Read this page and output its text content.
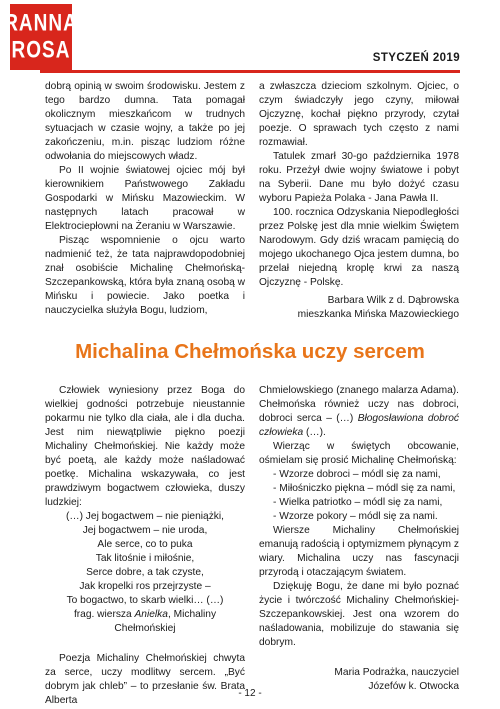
RANNA
ROSA	STYCZEŃ 2019

dobrą opinią w swoim środowisku. Jestem z tego bardzo dumna. Tata pomagał okolicznym mieszkańcom w trudnych sytuacjach w czasie wojny, a także po jej zakończeniu, m.in. pisząc ludziom różne odwołania do miejscowych władz.

Po II wojnie światowej ojciec mój był kierownikiem Państwowego Zakładu Gospodarki w Mińsku Mazowieckim. W następnych latach pracował w Elektrociepłowni na Żeraniu w Warszawie.

Pisząc wspomnienie o ojcu warto nadmienić też, że tata najprawdopodobniej znał osobiście Michalinę Chełmońską-Szczepankowską, która była znaną osobą w Mińsku i powiecie. Jako poetka i nauczycielka służyła Bogu, ludziom,

a zwłaszcza dzieciom szkolnym. Ojciec, o czym świadczyły jego czyny, miłował Ojczyznę, kochał piękno przyrody, czytał poezje. O sprawach tych często z nami rozmawiał.

Tatulek zmarł 30-go października 1978 roku. Przeżył dwie wojny światowe i pobyt na Syberii. Dane mu było dożyć czasu wyboru Papieża Polaka - Jana Pawła II.

100. rocznica Odzyskania Niepodległości przez Polskę jest dla mnie wielkim Świętem Narodowym. Gdy dziś wracam pamięcią do mojego ukochanego Ojca jestem dumna, bo przelał niejedną kroplę krwi za naszą Ojczyznę - Polskę.

Barbara Wilk z d. Dąbrowska

mieszkanka Mińska Mazowieckiego

Michalina Chełmońska uczy sercem

Człowiek wyniesiony przez Boga do wielkiej godności potrzebuje nieustannie pokarmu nie tylko dla ciała, ale i dla ducha. Jest nim niewątpliwie piękno poezji Michaliny Chełmońskiej. Nie każdy może być poetą, ale każdy może naśladować poetkę. Michalina wskazywała, co jest prawdziwym bogactwem człowieka, duszy ludzkiej:

(…) Jej bogactwem – nie pieniążki,

Jej bogactwem – nie uroda,

Ale serce, co to puka

Tak litośnie i miłośnie,

Serce dobre, a tak czyste,

Jak kropelki ros przejrzyste –

To bogactwo, to skarb wielki… (…)

frag. wiersza Anielka, Michaliny Chełmońskiej

Poezja Michaliny Chełmońskiej chwyta za serce, uczy modlitwy sercem. „Być dobrym jak chleb” – to przesłanie św. Brata Alberta

Chmielowskiego (znanego malarza Adama). Chełmońska również uczy nas dobroci, dobroci serca – (…) Błogosławiona dobroć człowieka (…).

Wierząc w świętych obcowanie, ośmielam się prosić Michalinę Chełmońską:

- Wzorze dobroci – módl się za nami,

- Miłośniczko piękna – módl się za nami,

- Wielka patriotko – módl się za nami,

- Wzorze pokory – módl się za nami.

Wiersze Michaliny Chełmońskiej emanują radością i optymizmem płynącym z wiary. Michalina uczy nas fascynacji przyrodą i otaczającym światem.

Dziękuję Bogu, że dane mi było poznać życie i twórczość Michaliny Chełmońskiej-Szczepankowskiej. Jest ona wzorem do naśladowania, mobilizuje do stawania się dobrym.

Maria Podrażka, nauczyciel

Józefów k. Otwocka

- 12 -
